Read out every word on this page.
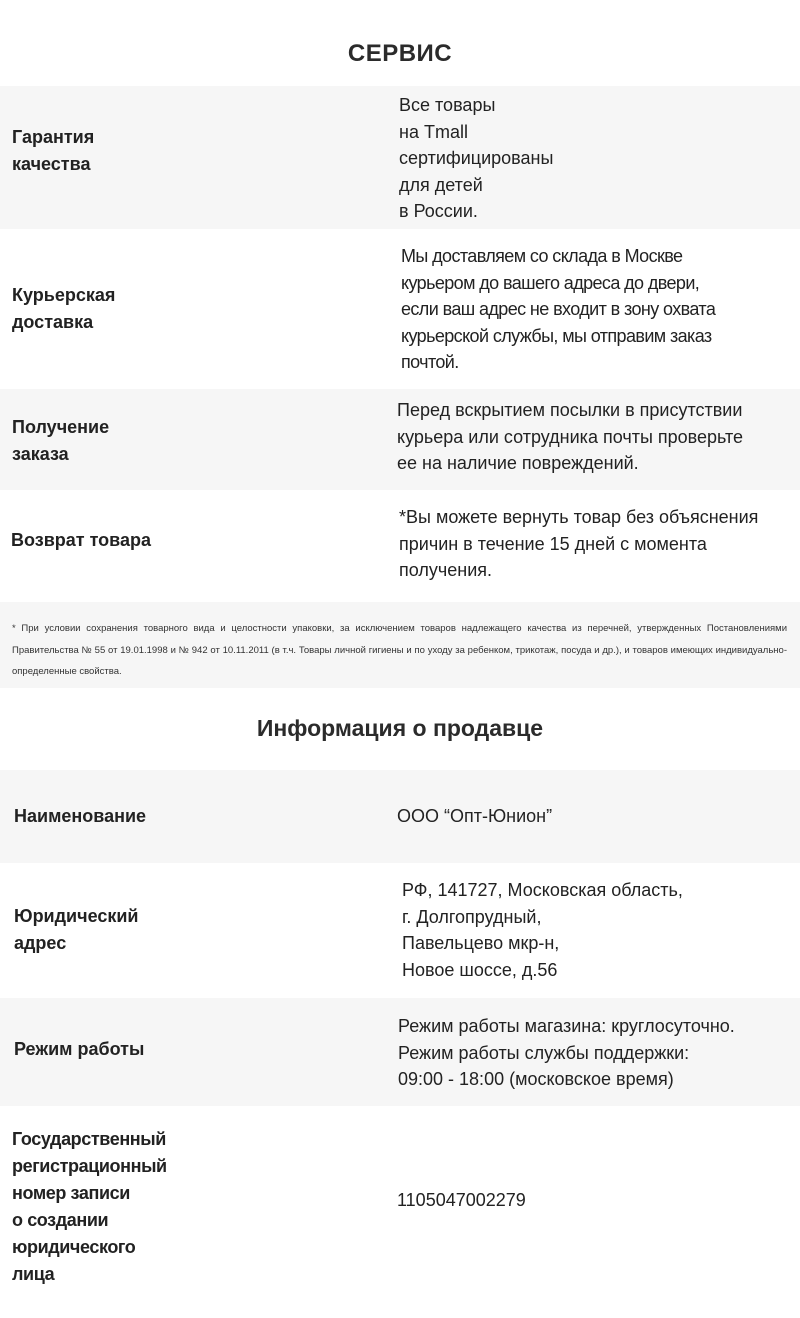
СЕРВИС
Гарантия
качества
Все товары
на Tmall
сертифицированы
для детей
в России.
Курьерская
доставка
Мы доставляем со склада в Москве
курьером до вашего адреса до двери,
если ваш адрес не входит в зону охвата
курьерской службы, мы отправим заказ
почтой.
Получение
заказа
Перед вскрытием посылки в присутствии
курьера или сотрудника почты проверьте
ее на наличие повреждений.
Возврат товара
*Вы можете вернуть товар без объяснения
причин в течение 15 дней с момента
получения.

* При условии сохранения товарного вида и целостности упаковки, за исключением товаров надлежащего качества из перечней, утвержденных Постановлениями Правительства № 55 от 19.01.1998 и № 942 от 10.11.2011 (в т.ч. Товары личной гигиены и по уходу за ребенком, трикотаж, посуда и др.), и товаров имеющих индивидуально-определенные свойства.

Информация о продавце
Наименование	ООО “Опт-Юнион”
Юридический
адрес
РФ, 141727, Московская область,
г. Долгопрудный,
Павельцево мкр-н,
Новое шоссе, д.56
Режим работы
Режим работы магазина: круглосуточно.
Режим работы службы поддержки:
09:00 - 18:00 (московское время)
Государственный
регистрационный
номер записи
о создании
юридического
лица
1105047002279
